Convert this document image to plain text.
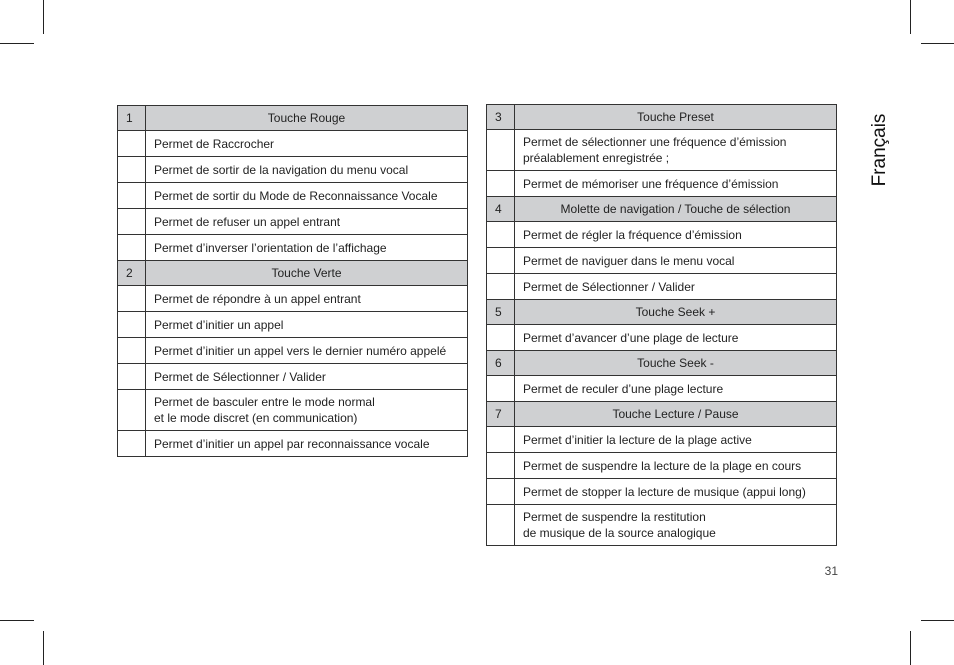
1	Touche Rouge
	Permet de Raccrocher
	Permet de sortir de la navigation du menu vocal
	Permet de sortir du Mode de Reconnaissance Vocale
	Permet de refuser un appel entrant
	Permet d’inverser l’orientation de l’affichage
2	Touche Verte
	Permet de répondre à un appel entrant
	Permet d’initier un appel
	Permet d’initier un appel vers le dernier numéro appelé
	Permet de Sélectionner / Valider
	Permet de basculer entre le mode normal
et le mode discret (en communication)
	Permet d’initier un appel par reconnaissance vocale
3	Touche Preset
	Permet de sélectionner une fréquence d’émission
préalablement enregistrée ;
	Permet de mémoriser une fréquence d’émission
4	Molette de navigation / Touche de sélection
	Permet de régler la fréquence d’émission
	Permet de naviguer dans le menu vocal
	Permet de Sélectionner / Valider
5	Touche Seek +
	Permet d’avancer d’une plage de lecture
6	Touche Seek -
	Permet de reculer d’une plage lecture
7	Touche Lecture / Pause
	Permet d’initier la lecture de la plage active
	Permet de suspendre la lecture de la plage en cours
	Permet de stopper la lecture de musique (appui long)
	Permet de suspendre la restitution
de musique de la source analogique
Français
31
